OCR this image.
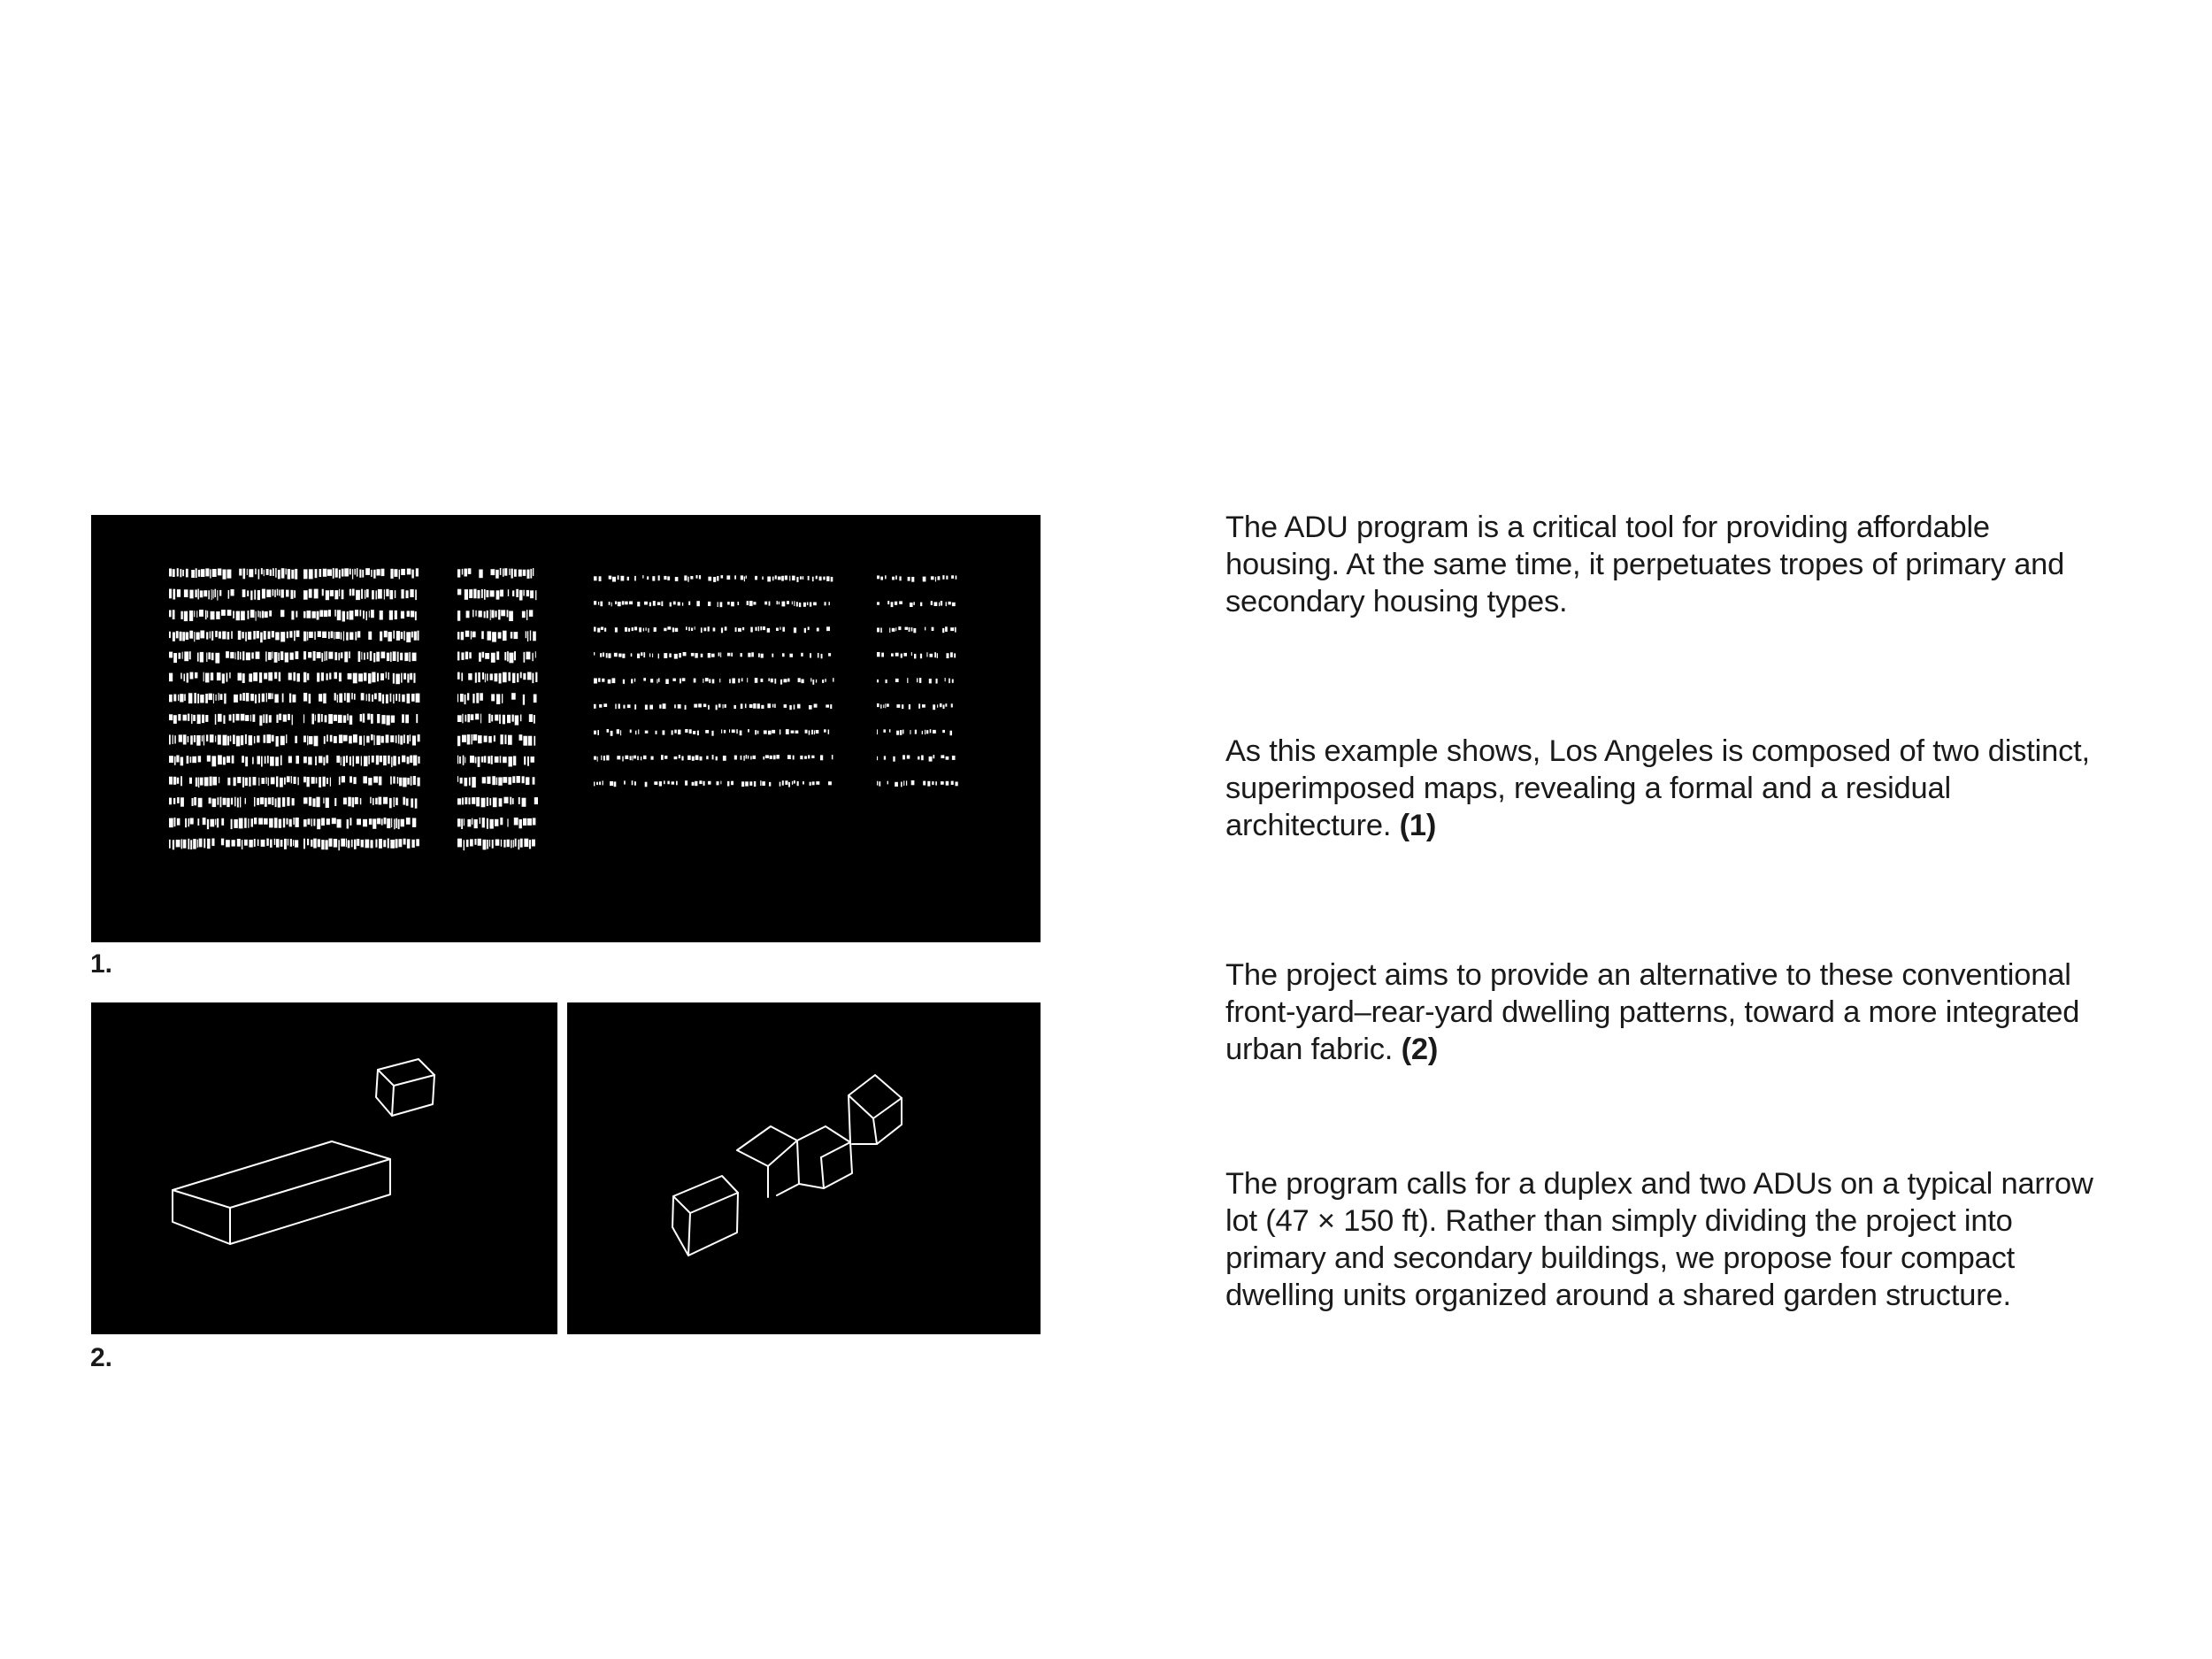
1.
2.
The ADU program is a critical tool for providing affordable housing. At the same time, it perpetuates tropes of primary and secondary housing types.
As this example shows, Los Angeles is composed of two distinct, superimposed maps, revealing a formal and a residual architecture. (1)
The project aims to provide an alternative to these conventional front-yard–rear-yard dwelling patterns, toward a more integrated urban fabric. (2)
The program calls for a duplex and two ADUs on a typical narrow lot (47 × 150 ft). Rather than simply dividing the project into primary and secondary buildings, we propose four compact dwelling units organized around a shared garden structure.
